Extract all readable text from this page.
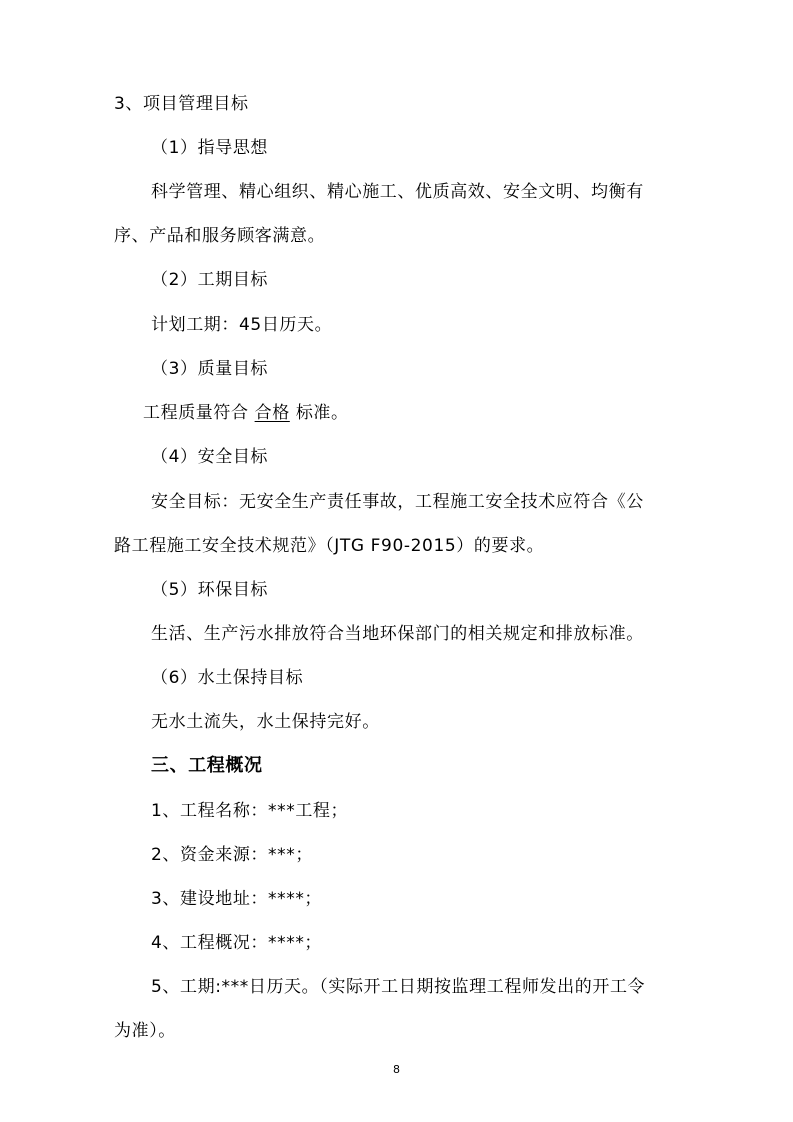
3、项目管理目标
（1）指导思想
科学管理、精心组织、精心施工、优质高效、安全文明、均衡有
序、产品和服务顾客满意。
（2）工期目标
计划工期：45日历天。
（3）质量目标
工程质量符合 合格 标准。
（4）安全目标
安全目标：无安全生产责任事故，工程施工安全技术应符合《公
路工程施工安全技术规范》（JTG F90-2015）的要求。
（5）环保目标
生活、生产污水排放符合当地环保部门的相关规定和排放标准。
（6）水土保持目标
无水土流失，水土保持完好。
三、工程概况
1、工程名称：***工程；
2、资金来源：***；
3、建设地址：****；
4、工程概况：****；
5、工期:***日历天。（实际开工日期按监理工程师发出的开工令
为准）。
8
